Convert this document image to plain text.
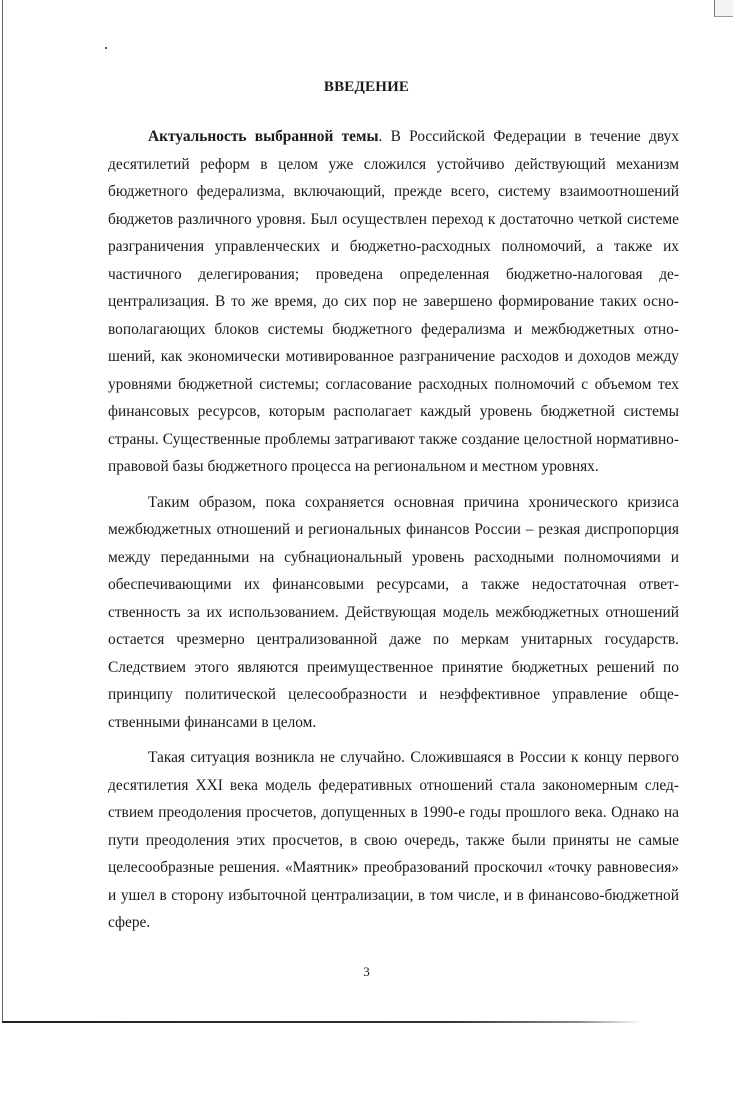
ВВЕДЕНИЕ

Актуальность выбранной темы. В Российской Федерации в течение двух десятилетий реформ в целом уже сложился устойчиво действующий механизм бюджетного федерализма, включающий, прежде всего, систему взаимоотношений бюджетов различного уровня. Был осуществлен переход к достаточно четкой системе разграничения управленческих и бюджетно-расходных полномочий, а также их частичного делегирования; проведена определенная бюджетно-налоговая децентрализация. В то же время, до сих пор не завершено формирование таких основополагающих блоков системы бюджетного федерализма и межбюджетных отношений, как экономически мотивированное разграничение расходов и доходов между уровнями бюджетной системы; согласование расходных полномочий с объемом тех финансовых ресурсов, которым располагает каждый уровень бюджетной системы страны. Существенные проблемы затрагивают также создание целостной нормативно-правовой базы бюджетного процесса на региональном и местном уровнях.

Таким образом, пока сохраняется основная причина хронического кризиса межбюджетных отношений и региональных финансов России – резкая диспропорция между переданными на субнациональный уровень расходными полномочиями и обеспечивающими их финансовыми ресурсами, а также недостаточная ответственность за их использованием. Действующая модель межбюджетных отношений остается чрезмерно централизованной даже по меркам унитарных государств. Следствием этого являются преимущественное принятие бюджетных решений по принципу политической целесообразности и неэффективное управление общественными финансами в целом.

Такая ситуация возникла не случайно. Сложившаяся в России к концу первого десятилетия XXI века модель федеративных отношений стала закономерным следствием преодоления просчетов, допущенных в 1990-е годы прошлого века. Однако на пути преодоления этих просчетов, в свою очередь, также были приняты не самые целесообразные решения. «Маятник» преобразований проскочил «точку равновесия» и ушел в сторону избыточной централизации, в том числе, и в финансово-бюджетной сфере.

3
